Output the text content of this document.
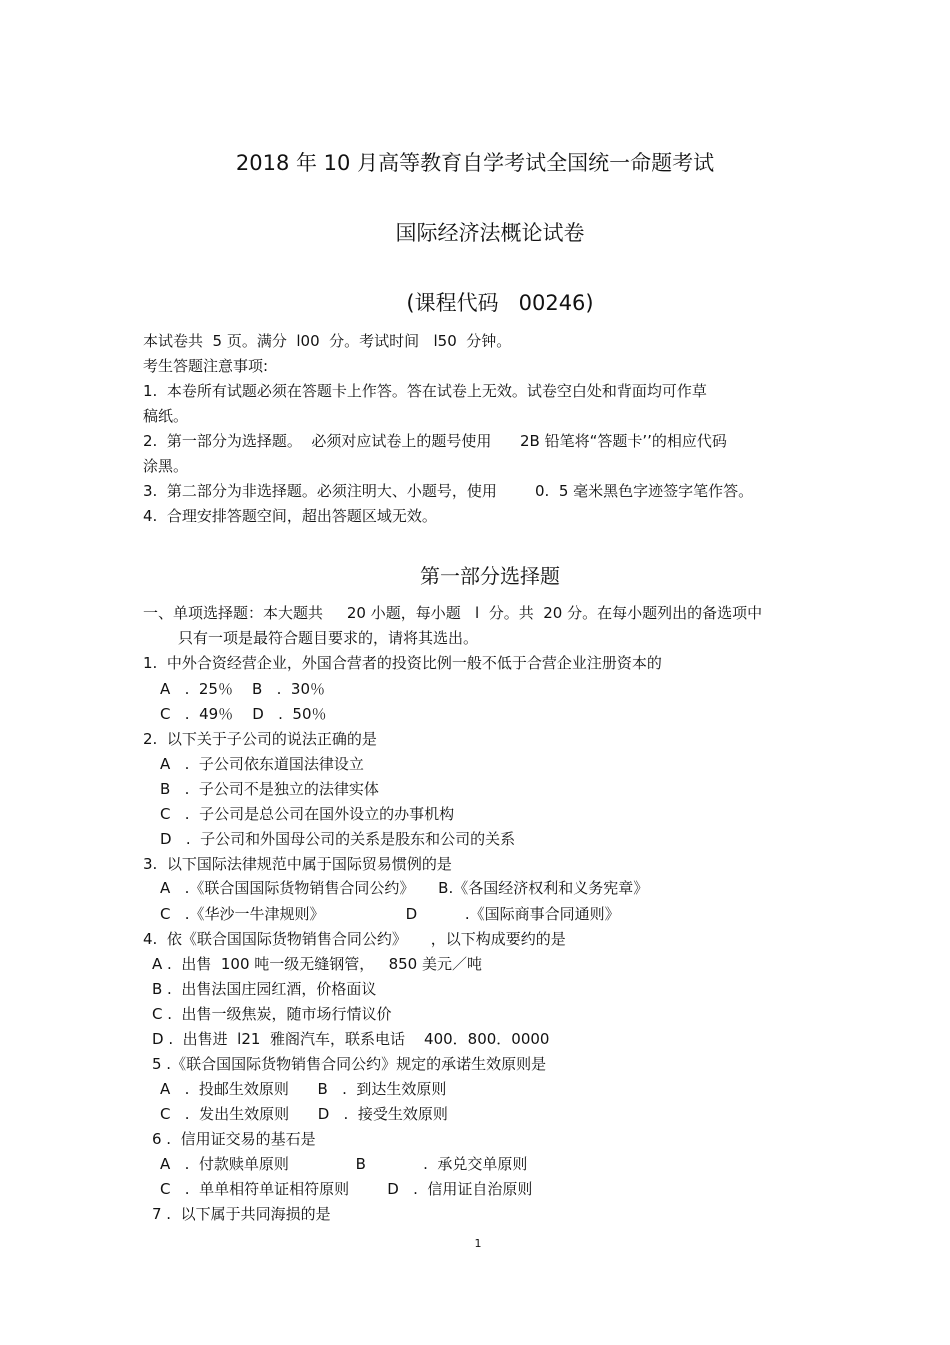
2018 年 10 月高等教育自学考试全国统一命题考试
国际经济法概论试卷
(课程代码   00246)
本试卷共  5 页。满分  l00  分。考试时间   l50  分钟。
考生答题注意事项:
1.  本卷所有试题必须在答题卡上作答。答在试卷上无效。试卷空白处和背面均可作草
稿纸。
2.  第一部分为选择题。  必须对应试卷上的题号使用      2B 铅笔将“答题卡’’的相应代码
涂黑。
3.  第二部分为非选择题。必须注明大、小题号，使用        0.  5 毫米黑色字迹签字笔作答。
4.  合理安排答题空间，超出答题区域无效。
第一部分选择题
一、单项选择题：本大题共     20 小题，每小题   l  分。共  20 分。在每小题列出的备选项中
只有一项是最符合题目要求的，请将其选出。
1.  中外合资经营企业，外国合营者的投资比例一般不低于合营企业注册资本的
A   .  25％    B   .  30％
C   .  49％    D   .  50％
2.  以下关于子公司的说法正确的是
A   .  子公司依东道国法律设立
B   .  子公司不是独立的法律实体
C   .  子公司是总公司在国外设立的办事机构
D   .  子公司和外国母公司的关系是股东和公司的关系
3.  以下国际法律规范中属于国际贸易惯例的是
A   .《联合国国际货物销售合同公约》     B.《各国经济权利和义务宪章》
C   .《华沙一牛津规则》                 D          .《国际商事合同通则》
4.  依《联合国国际货物销售合同公约》     ，以下构成要约的是
A .  出售  100 吨一级无缝钢管，   850 美元／吨
B .  出售法国庄园红酒，价格面议
C .  出售一级焦炭，随市场行情议价
D .  出售进  l21  雅阁汽车，联系电话    400．800．0000
5 .《联合国国际货物销售合同公约》规定的承诺生效原则是
A   .  投邮生效原则      B   .  到达生效原则
C   .  发出生效原则      D   .  接受生效原则
6 .  信用证交易的基石是
A   .  付款赎单原则              B            .  承兑交单原则
C   .  单单相符单证相符原则        D   .  信用证自治原则
7 .  以下属于共同海损的是
1
